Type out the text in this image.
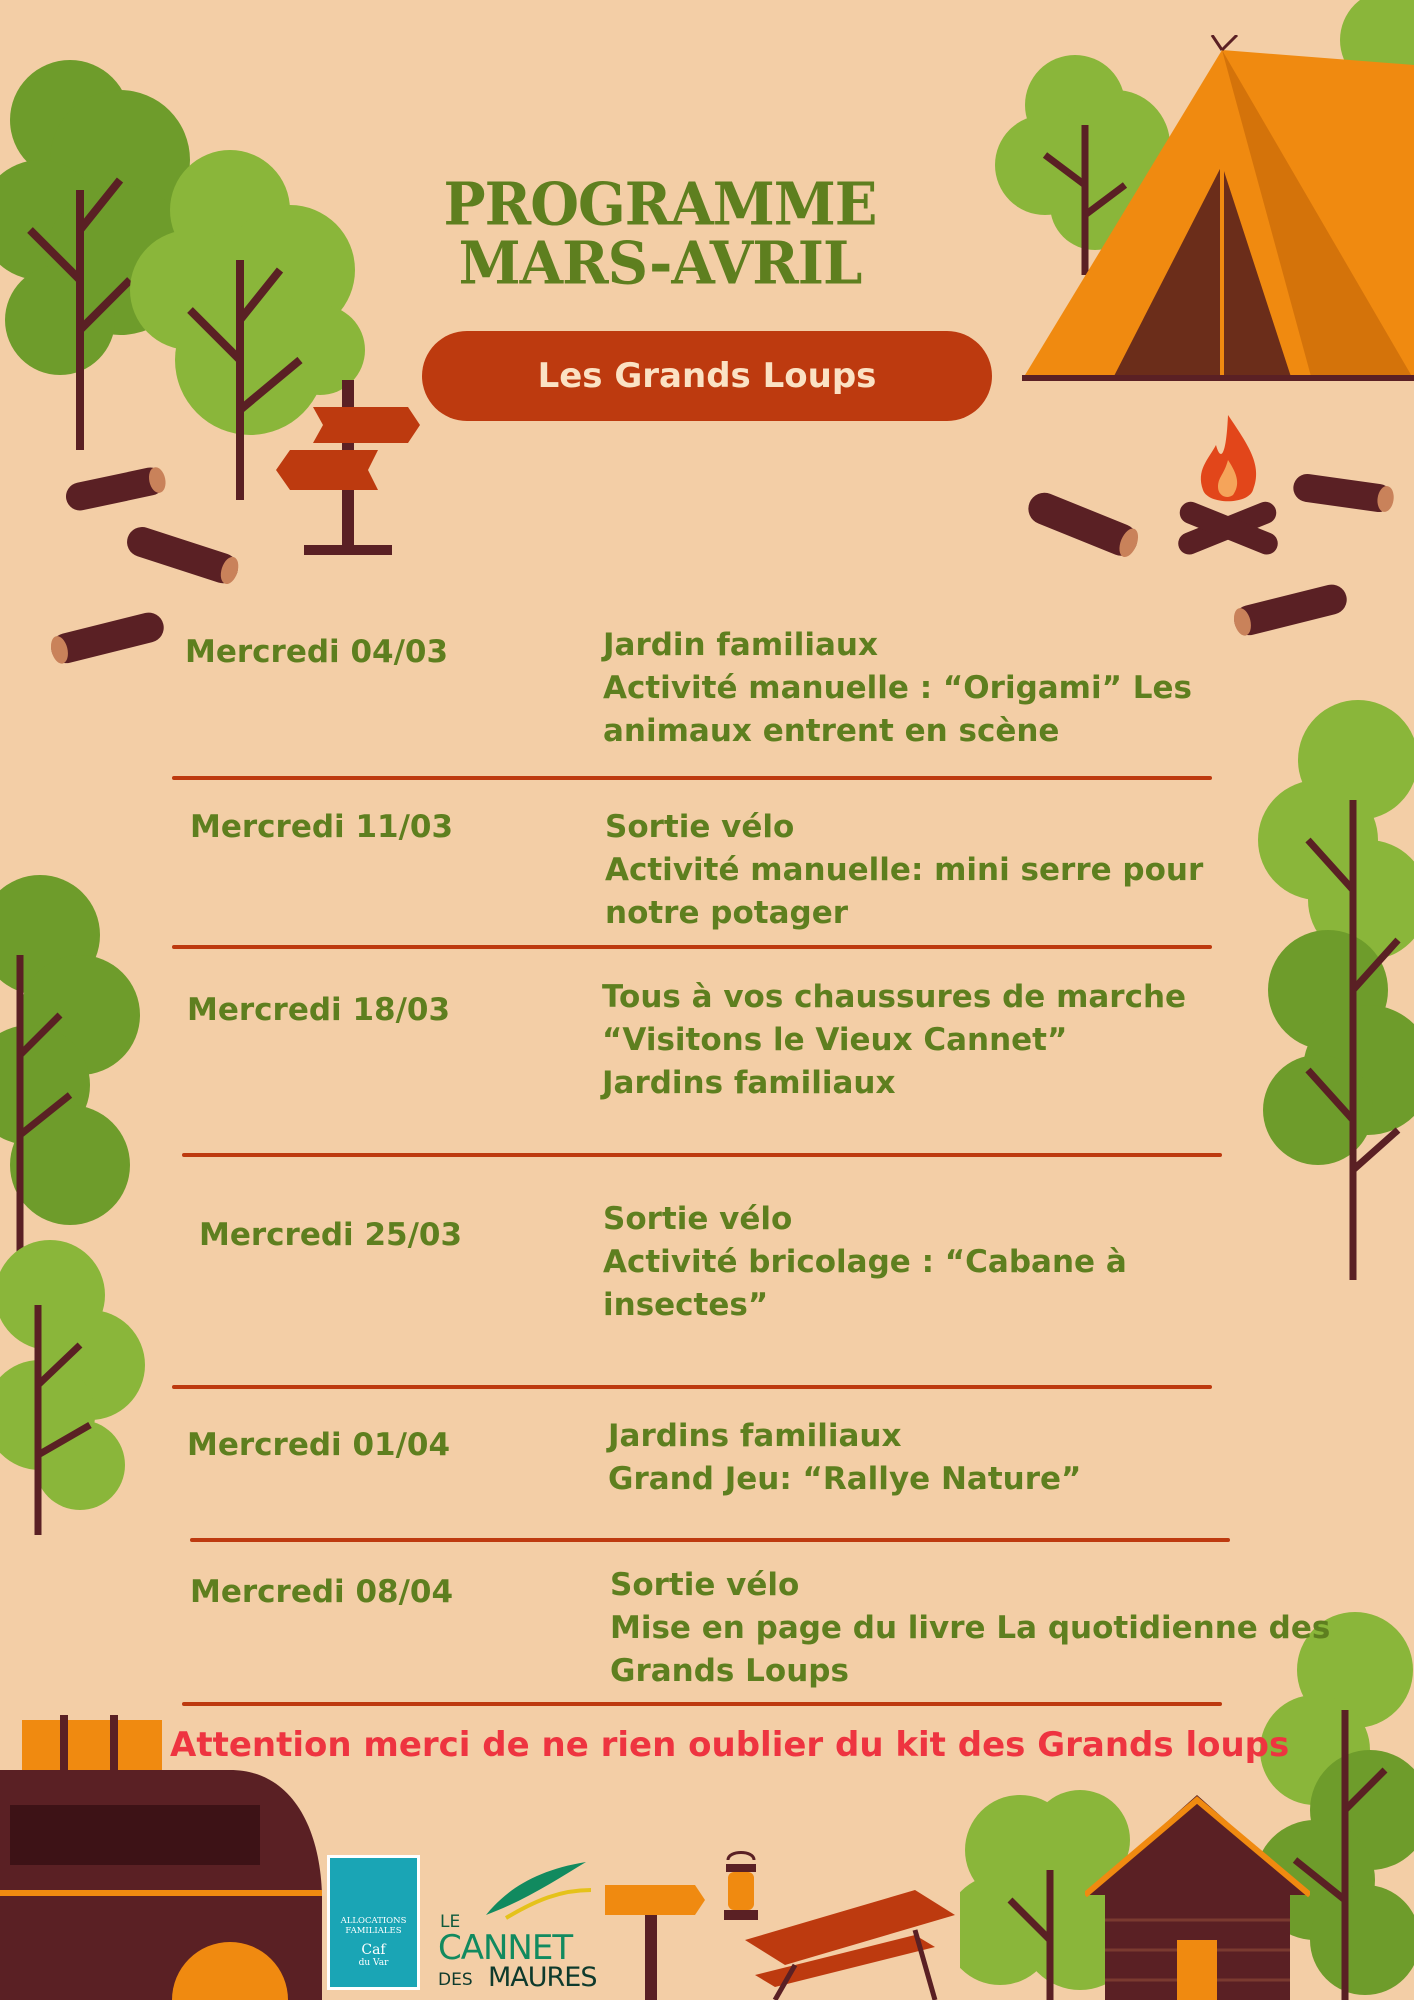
PROGRAMME
MARS-AVRIL
Les Grands Loups
Mercredi 04/03	Jardin familiaux
Activité manuelle : “Origami” Les
animaux entrent en scène
Mercredi 11/03	Sortie vélo
Activité manuelle: mini serre pour
notre potager
Mercredi 18/03	Tous à vos chaussures de marche
“Visitons le Vieux Cannet”
Jardins familiaux
Mercredi 25/03	Sortie vélo
Activité bricolage : “Cabane à
insectes”
Mercredi 01/04	Jardins familiaux
Grand Jeu: “Rallye Nature”
Mercredi 08/04	Sortie vélo
Mise en page du livre La quotidienne des
Grands Loups
Attention merci de ne rien oublier du kit des Grands loups
ALLOCATIONS FAMILIALES
Caf
du Var
LE
CANNET
DES MAURES
